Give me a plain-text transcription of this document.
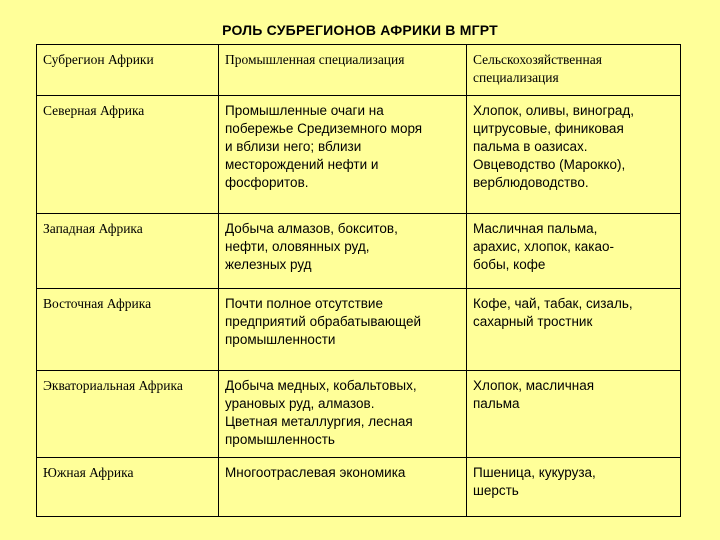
РОЛЬ СУБРЕГИОНОВ АФРИКИ В МГРТ
Субрегион Африки	Промышленная специализация	Сельскохозяйственная
специализация

Северная Африка	Промышленные очаги на
побережье Средиземного моря
и вблизи него; вблизи
месторождений нефти и
фосфоритов.	Хлопок, оливы, виноград,
цитрусовые, финиковая
пальма в оазисах.
Овцеводство (Марокко),
верблюдоводство.

Западная Африка	Добыча алмазов, бокситов,
нефти, оловянных руд,
железных руд	Масличная пальма,
арахис, хлопок, какао-
бобы, кофе

Восточная Африка	Почти полное отсутствие
предприятий обрабатывающей
промышленности	Кофе, чай, табак, сизаль,
сахарный тростник

Экваториальная Африка	Добыча медных, кобальтовых,
урановых руд, алмазов.
Цветная металлургия, лесная
промышленность	Хлопок, масличная
пальма

Южная Африка	Многоотраслевая экономика	Пшеница, кукуруза,
шерсть
